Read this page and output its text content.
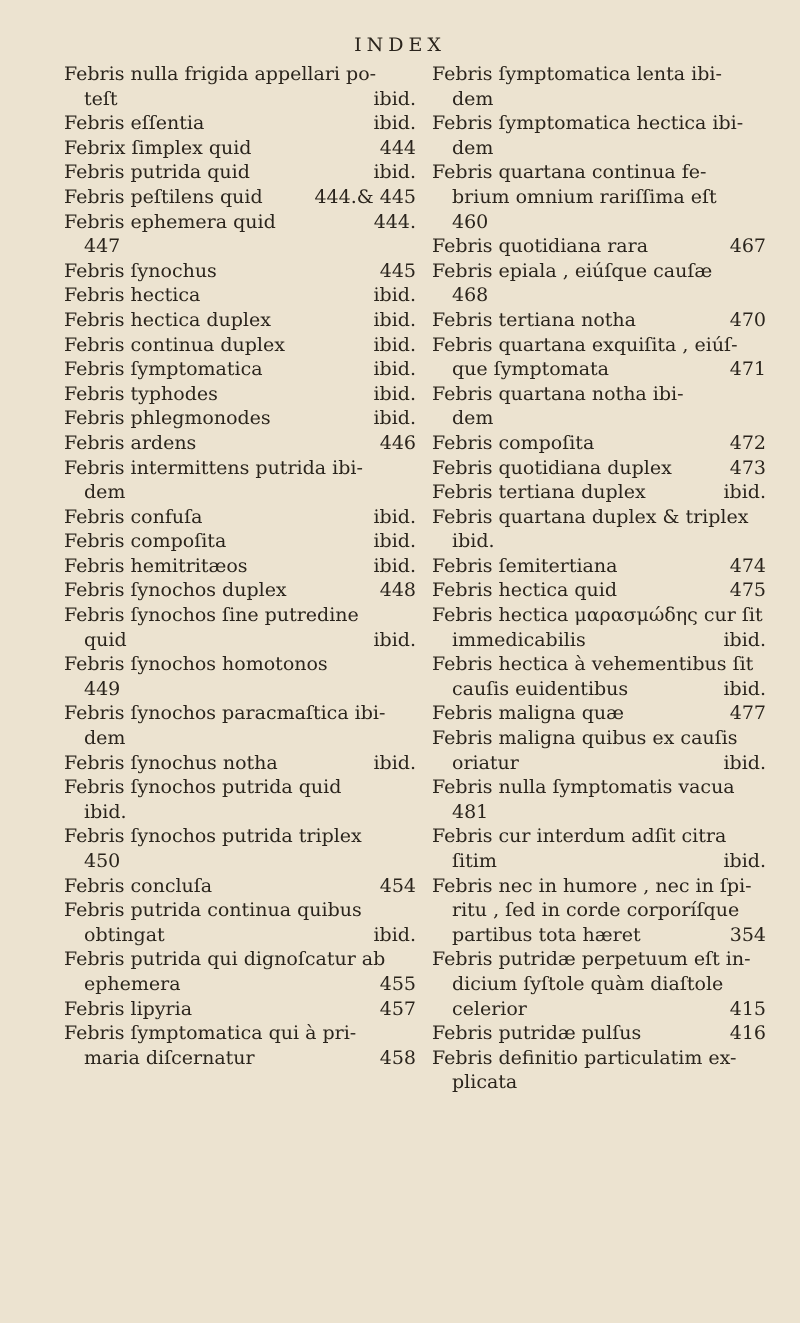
INDEX
Febris nulla frigida appellari po-
teſt	ibid.
Febris eſſentia	ibid.
Febrix ſimplex quid	444
Febris putrida quid	ibid.
Febris peſtilens quid	444.& 445
Febris ephemera quid	444.
447
Febris ſynochus	445
Febris hectica	ibid.
Febris hectica duplex	ibid.
Febris continua duplex	ibid.
Febris ſymptomatica	ibid.
Febris typhodes	ibid.
Febris phlegmonodes	ibid.
Febris ardens	446
Febris intermittens putrida ibi-
dem
Febris confuſa	ibid.
Febris compoſita	ibid.
Febris hemitritæos	ibid.
Febris ſynochos duplex	448
Febris ſynochos ſine putredine
quid	ibid.
Febris ſynochos homotonos
449
Febris ſynochos paracmaſtica ibi-
dem
Febris ſynochus notha	ibid.
Febris ſynochos putrida quid
ibid.
Febris ſynochos putrida triplex
450
Febris concluſa	454
Febris putrida continua quibus
obtingat	ibid.
Febris putrida qui dignoſcatur ab
ephemera	455
Febris lipyria	457
Febris ſymptomatica qui à pri-
maria diſcernatur	458
Febris ſymptomatica lenta ibi-
dem
Febris ſymptomatica hectica ibi-
dem
Febris quartana continua fe-
brium omnium rariſſima eſt
460
Febris quotidiana rara	467
Febris epiala , eiúſque cauſæ
468
Febris tertiana notha	470
Febris quartana exquiſita , eiúſ-
que ſymptomata	471
Febris quartana notha ibi-
dem
Febris compoſita	472
Febris quotidiana duplex	473
Febris tertiana duplex	ibid.
Febris quartana duplex & triplex
ibid.
Febris ſemitertiana	474
Febris hectica quid	475
Febris hectica μαρασμώδης cur ſit
immedicabilis	ibid.
Febris hectica à vehementibus ſit
cauſis euidentibus	ibid.
Febris maligna quæ	477
Febris maligna quibus ex cauſis
oriatur	ibid.
Febris nulla ſymptomatis vacua
481
Febris cur interdum adſit citra
ſitim	ibid.
Febris nec in humore , nec in ſpi-
ritu , ſed in corde corporíſque
partibus tota hæret	354
Febris putridæ perpetuum eſt in-
dicium ſyſtole quàm diaſtole
celerior	415
Febris putridæ pulſus	416
Febris definitio particulatim ex-
plicata
